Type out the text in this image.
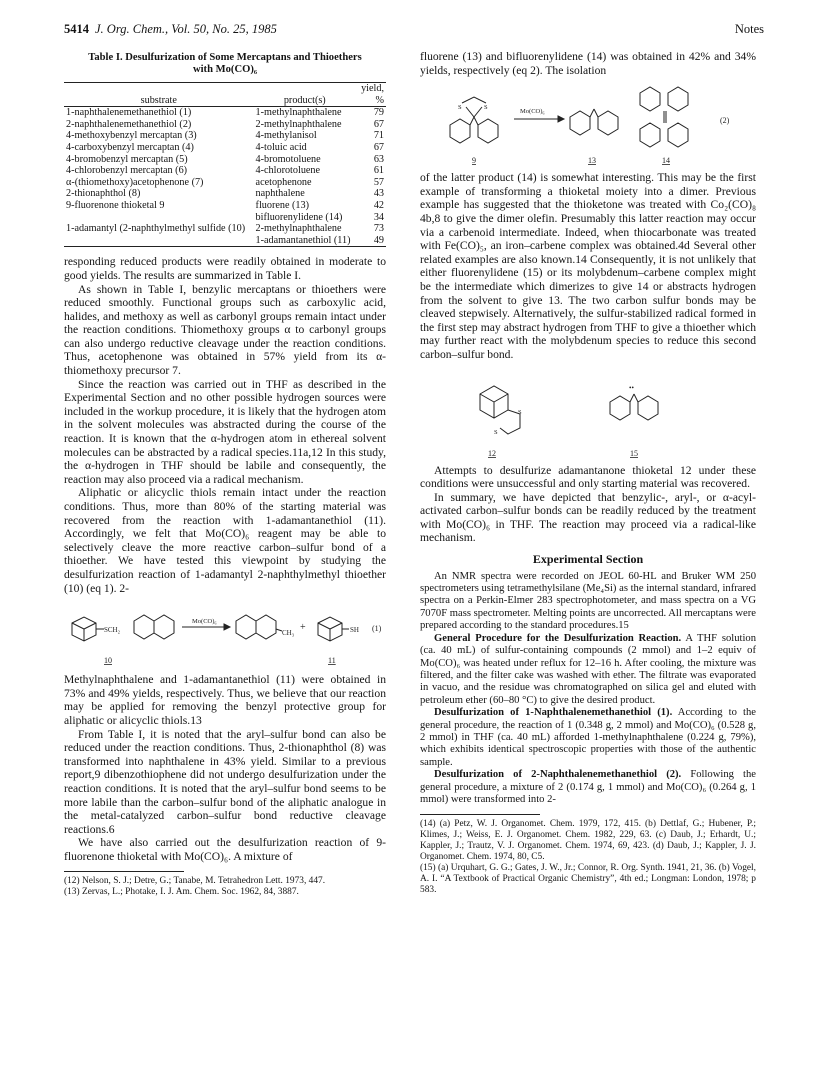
5414 J. Org. Chem., Vol. 50, No. 25, 1985	Notes
Table I. Desulfurization of Some Mercaptans and Thioethers
with Mo(CO)₆
substrate	product(s)	yield, %
1-naphthalenemethanethiol (1)	1-methylnaphthalene	79
2-naphthalenemethanethiol (2)	2-methylnaphthalene	67
4-methoxybenzyl mercaptan (3)	4-methylanisol	71
4-carboxybenzyl mercaptan (4)	4-toluic acid	67
4-bromobenzyl mercaptan (5)	4-bromotoluene	63
4-chlorobenzyl mercaptan (6)	4-chlorotoluene	61
α-(thiomethoxy)acetophenone (7)	acetophenone	57
2-thionaphthol (8)	naphthalene	43
9-fluorenone thioketal 9	fluorene (13)	42
	bifluorenylidene (14)	34
1-adamantyl (2-naphthylmethyl sulfide (10)	2-methylnaphthalene	73
	1-adamantanethiol (11)	49

responding reduced products were readily obtained in moderate to good yields. The results are summarized in Table I.

As shown in Table I, benzylic mercaptans or thioethers were reduced smoothly. Functional groups such as carboxylic acid, halides, and methoxy as well as carbonyl groups remain intact under the reaction conditions. Thiomethoxy groups α to carbonyl groups can also undergo reductive cleavage under the reaction conditions. Thus, acetophenone was obtained in 57% yield from its α-thiomethoxy precursor 7.

Since the reaction was carried out in THF as described in the Experimental Section and no other possible hydrogen sources were included in the workup procedure, it is likely that the hydrogen atom in the solvent molecules was abstracted during the course of the reaction. It is known that the α-hydrogen atom in ethereal solvent molecules can be abstracted by a radical species.11a,12 In this study, the α-hydrogen in THF should be labile and consequently, the reaction may also proceed via a radical mechanism.

Aliphatic or alicyclic thiols remain intact under the reaction conditions. Thus, more than 80% of the starting material was recovered from the reaction with 1-adamantanethiol (11). Accordingly, we felt that Mo(CO)₆ reagent may be able to selectively cleave the more reactive carbon–sulfur bond of a thioether. We have tested this viewpoint by studying the desulfurization reaction of 1-adamantyl 2-naphthylmethyl thioether (10) (eq 1). 2-

SCH₂
Mo(CO)₆
CH₃ +	SH (1)
10	11

Methylnaphthalene and 1-adamantanethiol (11) were obtained in 73% and 49% yields, respectively. Thus, we believe that our reaction may be applied for removing the benzyl protective group for aliphatic or alicyclic thiols.13

From Table I, it is noted that the aryl–sulfur bond can also be reduced under the reaction conditions. Thus, 2-thionaphthol (8) was transformed into naphthalene in 43% yield. Similar to a previous report,9 dibenzothiophene did not undergo desulfurization under the reaction conditions. It is noted that the aryl–sulfur bond seems to be more labile than the carbon–sulfur bond of the aliphatic analogue in the metal-catalyzed carbon–sulfur bond reductive cleavage reactions.6

We have also carried out the desulfurization reaction of 9-fluorenone thioketal with Mo(CO)₆. A mixture of

(12) Nelson, S. J.; Detre, G.; Tanabe, M. Tetrahedron Lett. 1973, 447.

(13) Zervas, L.; Photake, I. J. Am. Chem. Soc. 1962, 84, 3887.

fluorene (13) and bifluorenylidene (14) was obtained in 42% and 34% yields, respectively (eq 2). The isolation

S	S
Mo(CO)₆
(2)
9	13	14

of the latter product (14) is somewhat interesting. This may be the first example of transforming a thioketal moiety into a dimer. Previous example has suggested that the thioketone was treated with Co₂(CO)₈ 4b,8 to give the dimer olefin. Presumably this latter reaction may occur via a carbenoid intermediate. Indeed, when thiocarbonate was treated with Fe(CO)₅, an iron–carbene complex was obtained.4d Several other related examples are also known.14 Consequently, it is not unlikely that either fluorenylidene (15) or its molybdenum–carbene complex might be the intermediate which dimerizes to give 14 or abstracts hydrogen from the solvent to give 13. The two carbon sulfur bonds may be cleaved stepwisely. Alternatively, the sulfur-stabilized radical formed in the first step may abstract hydrogen from THF to give a thioether which may further react with the molybdenum species to reduce this second carbon–sulfur bond.

S
S
••
12	15

Attempts to desulfurize adamantanone thioketal 12 under these conditions were unsuccessful and only starting material was recovered.

In summary, we have depicted that benzylic-, aryl-, or α-acyl-activated carbon–sulfur bonds can be readily reduced by the treatment with Mo(CO)₆ in THF. The reaction may proceed via a radical-like mechanism.

Experimental Section

An NMR spectra were recorded on JEOL 60-HL and Bruker WM 250 spectrometers using tetramethylsilane (Me₄Si) as the internal standard, infrared spectra on a Perkin-Elmer 283 spectrophotometer, and mass spectra on a VG 7070F mass spectrometer. Melting points are uncorrected. All mercaptans were prepared according to the standard procedures.15

General Procedure for the Desulfurization Reaction. A THF solution (ca. 40 mL) of sulfur-containing compounds (2 mmol) and 1–2 equiv of Mo(CO)₆ was heated under reflux for 12–16 h. After cooling, the mixture was filtered, and the filter cake was washed with ether. The filtrate was evaporated in vacuo, and the residue was chromatographed on silica gel and eluted with petroleum ether (60–80 °C) to give the desired product.

Desulfurization of 1-Naphthalenemethanethiol (1). According to the general procedure, the reaction of 1 (0.348 g, 2 mmol) and Mo(CO)₆ (0.528 g, 2 mmol) in THF (ca. 40 mL) afforded 1-methylnaphthalene (0.224 g, 79%), which exhibits identical spectroscopic properties with those of the authentic sample.

Desulfurization of 2-Naphthalenemethanethiol (2). Following the general procedure, a mixture of 2 (0.174 g, 1 mmol) and Mo(CO)₆ (0.264 g, 1 mmol) were transformed into 2-

(14) (a) Petz, W. J. Organomet. Chem. 1979, 172, 415. (b) Dettlaf, G.; Hubener, P.; Klimes, J.; Weiss, E. J. Organomet. Chem. 1982, 229, 63. (c) Daub, J.; Erhardt, U.; Kappler, J.; Trautz, V. J. Organomet. Chem. 1974, 69, 423. (d) Daub, J.; Kappler, J. J. Organomet. Chem. 1974, 80, C5.

(15) (a) Urquhart, G. G.; Gates, J. W., Jr.; Connor, R. Org. Synth. 1941, 21, 36. (b) Vogel, A. I. “A Textbook of Practical Organic Chemistry”, 4th ed.; Longman: London, 1978; p 583.
